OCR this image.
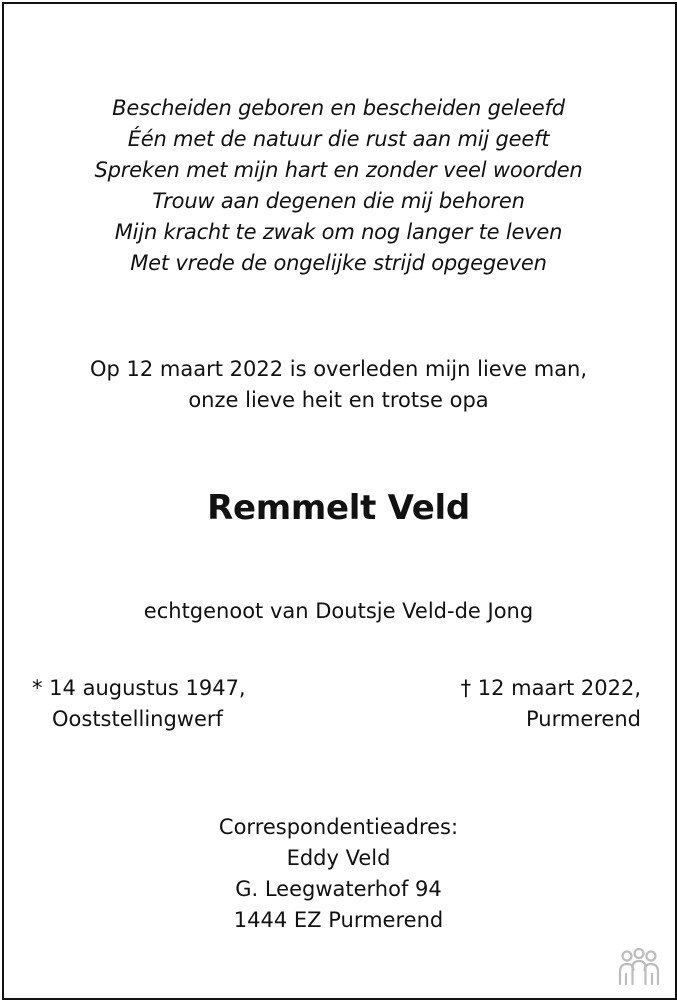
Bescheiden geboren en bescheiden geleefd
Één met de natuur die rust aan mij geeft
Spreken met mijn hart en zonder veel woorden
Trouw aan degenen die mij behoren
Mijn kracht te zwak om nog langer te leven
Met vrede de ongelijke strijd opgegeven
Op 12 maart 2022 is overleden mijn lieve man,
onze lieve heit en trotse opa
Remmelt Veld
echtgenoot van Doutsje Veld-de Jong
* 14 augustus 1947,
Ooststellingwerf
† 12 maart 2022,
Purmerend
Correspondentieadres:
Eddy Veld
G. Leegwaterhof 94
1444 EZ Purmerend
